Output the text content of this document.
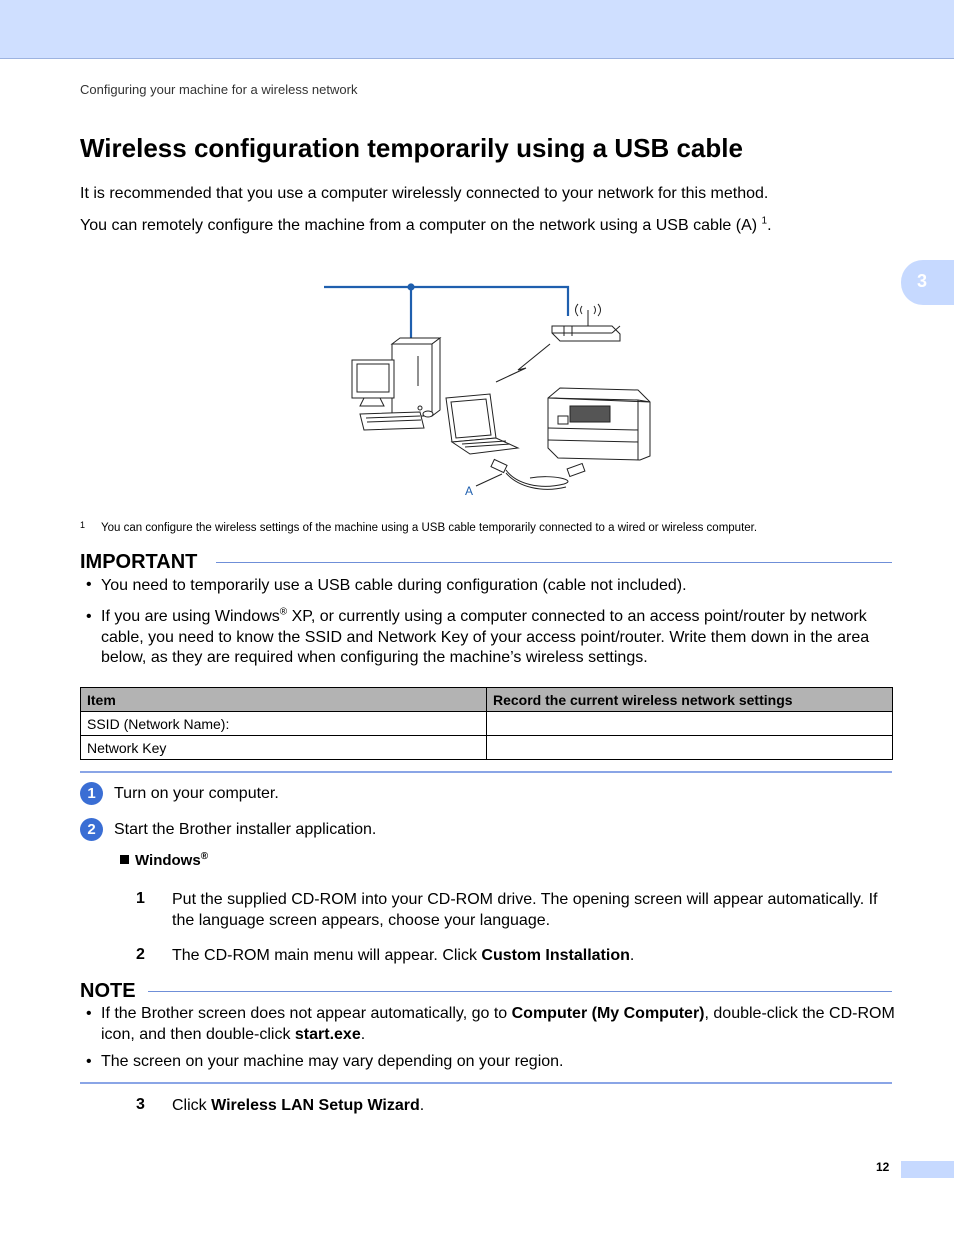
Configuring your machine for a wireless network
Wireless configuration temporarily using a USB cable

It is recommended that you use a computer wirelessly connected to your network for this method.

You can remotely configure the machine from a computer on the network using a USB cable (A) $^1$.

3
A
1 You can configure the wireless settings of the machine using a USB cable temporarily connected to a wired or wireless computer.
IMPORTANT
• You need to temporarily use a USB cable during configuration (cable not included).

• If you are using Windows® XP, or currently using a computer connected to an access point/router by network cable, you need to know the SSID and Network Key of your access point/router. Write them down in the area below, as they are required when configuring the machine’s wireless settings.

Item	Record the current wireless network settings
SSID (Network Name):	
Network Key	
1	Turn on your computer.
2	Start the Brother installer application.
Windows®
1 Put the supplied CD-ROM into your CD-ROM drive. The opening screen will appear automatically. If the language screen appears, choose your language.

2 The CD-ROM main menu will appear. Click Custom Installation.

NOTE
• If the Brother screen does not appear automatically, go to Computer (My Computer), double-click the CD-ROM icon, and then double-click start.exe.

• The screen on your machine may vary depending on your region.

3 Click Wireless LAN Setup Wizard.

12
